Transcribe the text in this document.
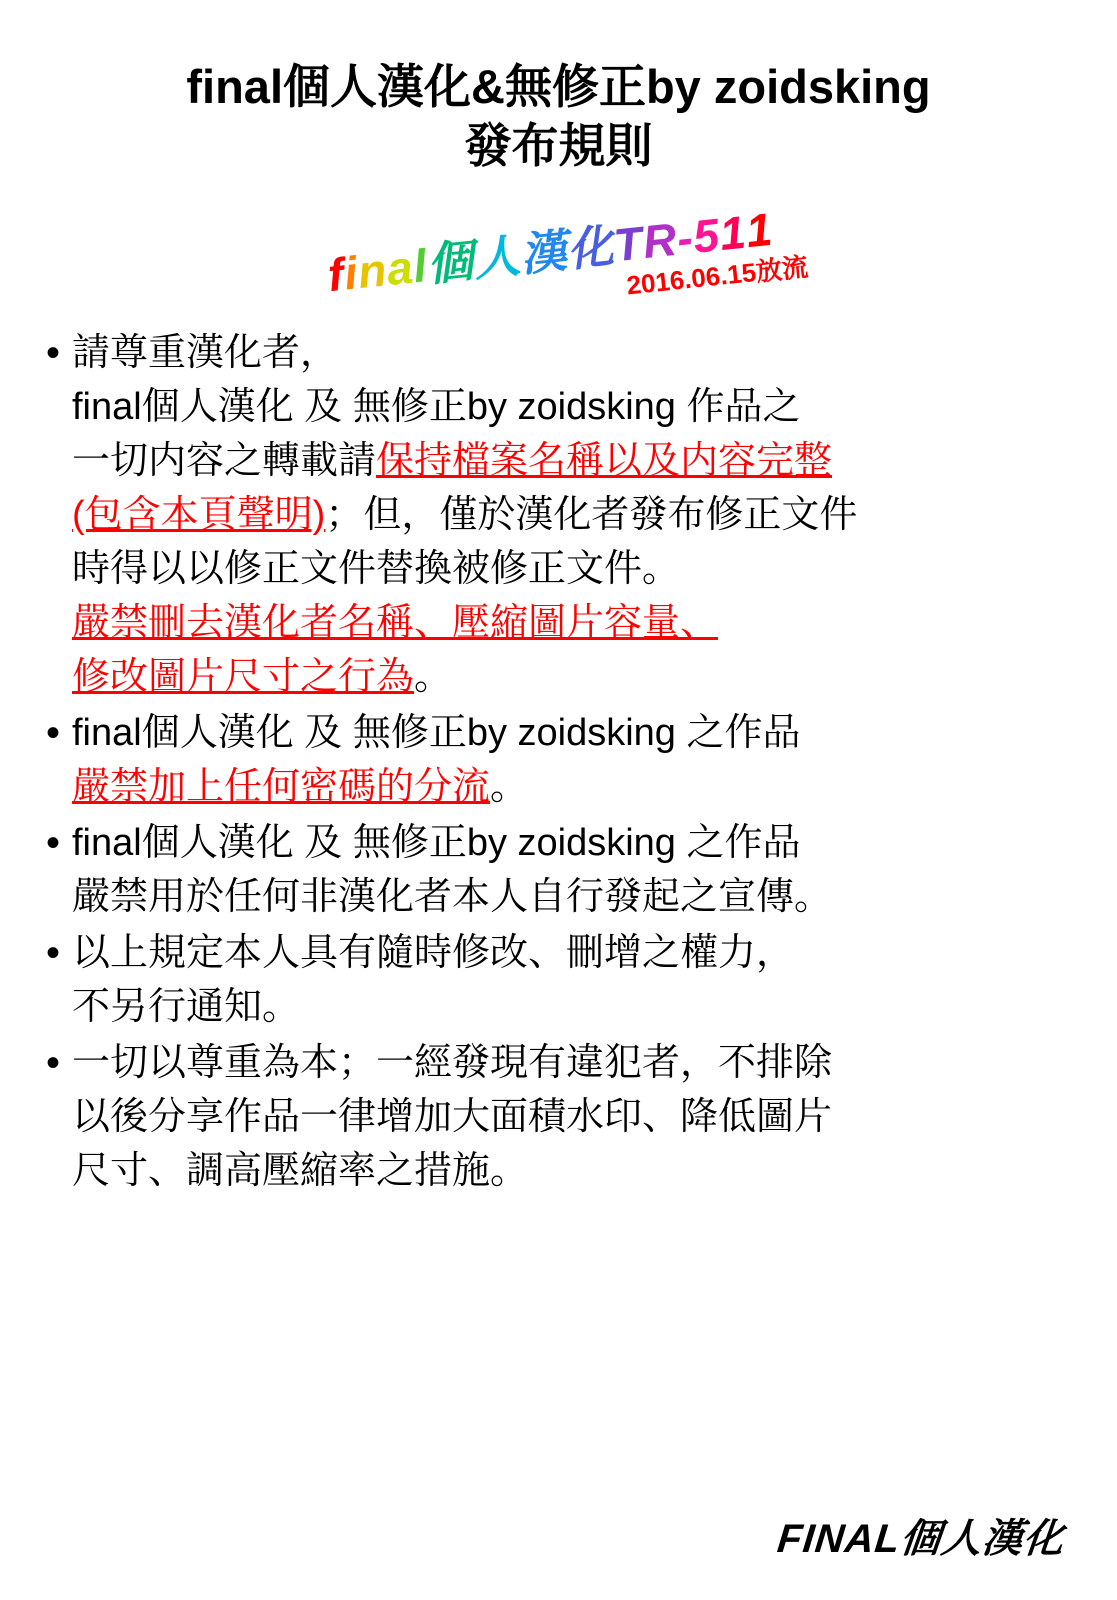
final個人漢化&無修正by zoidsking
發布規則
final個人漢化TR-511
2016.06.15放流
• 請尊重漢化者，
final個人漢化 及 無修正by zoidsking 作品之
一切内容之轉載請保持檔案名稱以及内容完整
(包含本頁聲明)；但，僅於漢化者發布修正文件
時得以以修正文件替換被修正文件。
嚴禁刪去漢化者名稱、壓縮圖片容量、
修改圖片尺寸之行為。
• final個人漢化 及 無修正by zoidsking 之作品
嚴禁加上任何密碼的分流。
• final個人漢化 及 無修正by zoidsking 之作品
嚴禁用於任何非漢化者本人自行發起之宣傳。
• 以上規定本人具有隨時修改、刪增之權力，
不另行通知。
• 一切以尊重為本；一經發現有違犯者，不排除
以後分享作品一律增加大面積水印、降低圖片
尺寸、調高壓縮率之措施。
FINAL個人漢化
